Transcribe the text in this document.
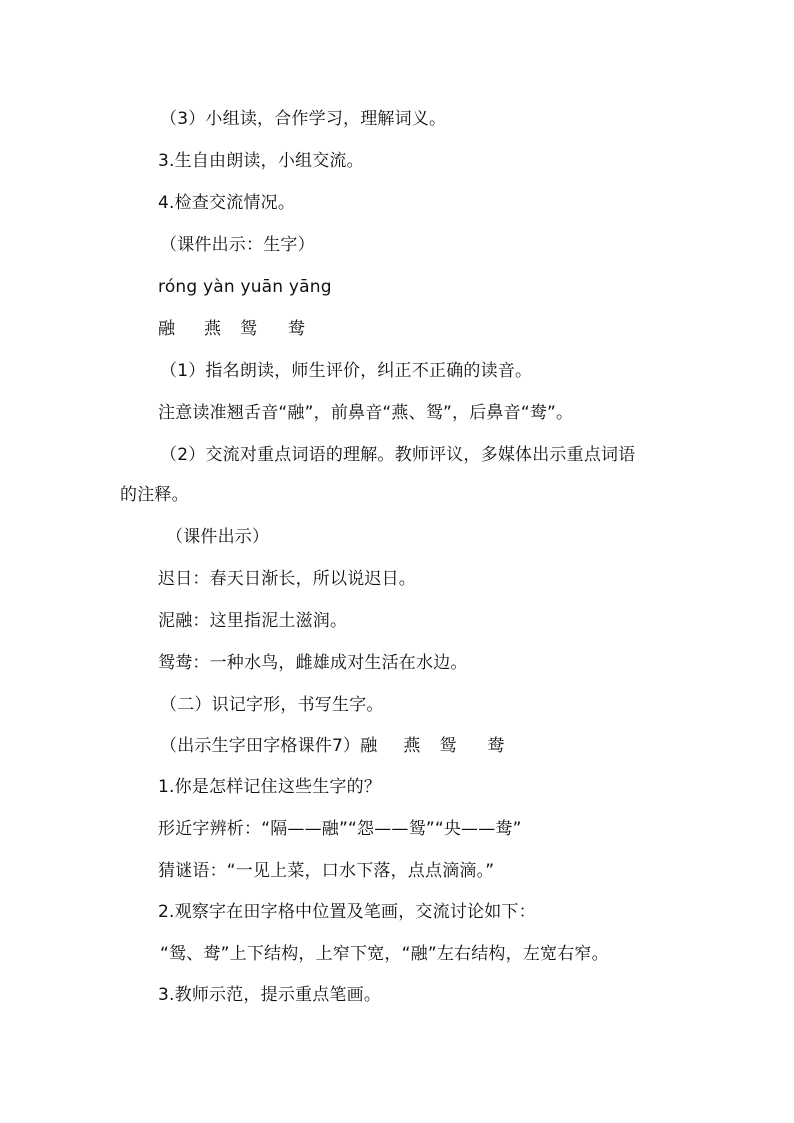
（3）小组读，合作学习，理解词义。
3.生自由朗读，小组交流。
4.检查交流情况。
（课件出示：生字）
róng yàn yuān yāng
融 燕 鸳 鸯
（1）指名朗读，师生评价，纠正不正确的读音。
注意读准翘舌音“融”，前鼻音“燕、鸳”，后鼻音“鸯”。
（2）交流对重点词语的理解。教师评议，多媒体出示重点词语
的注释。
（课件出示）
迟日：春天日渐长，所以说迟日。
泥融：这里指泥土滋润。
鸳鸯：一种水鸟，雌雄成对生活在水边。
（二）识记字形，书写生字。
（出示生字田字格课件7）融 燕 鸳 鸯
1.你是怎样记住这些生字的？
形近字辨析：“隔——融”“怨——鸳”“央——鸯”
猜谜语：“一见上菜，口水下落，点点滴滴。”
2.观察字在田字格中位置及笔画，交流讨论如下：
“鸳、鸯”上下结构，上窄下宽，“融”左右结构，左宽右窄。
3.教师示范，提示重点笔画。
